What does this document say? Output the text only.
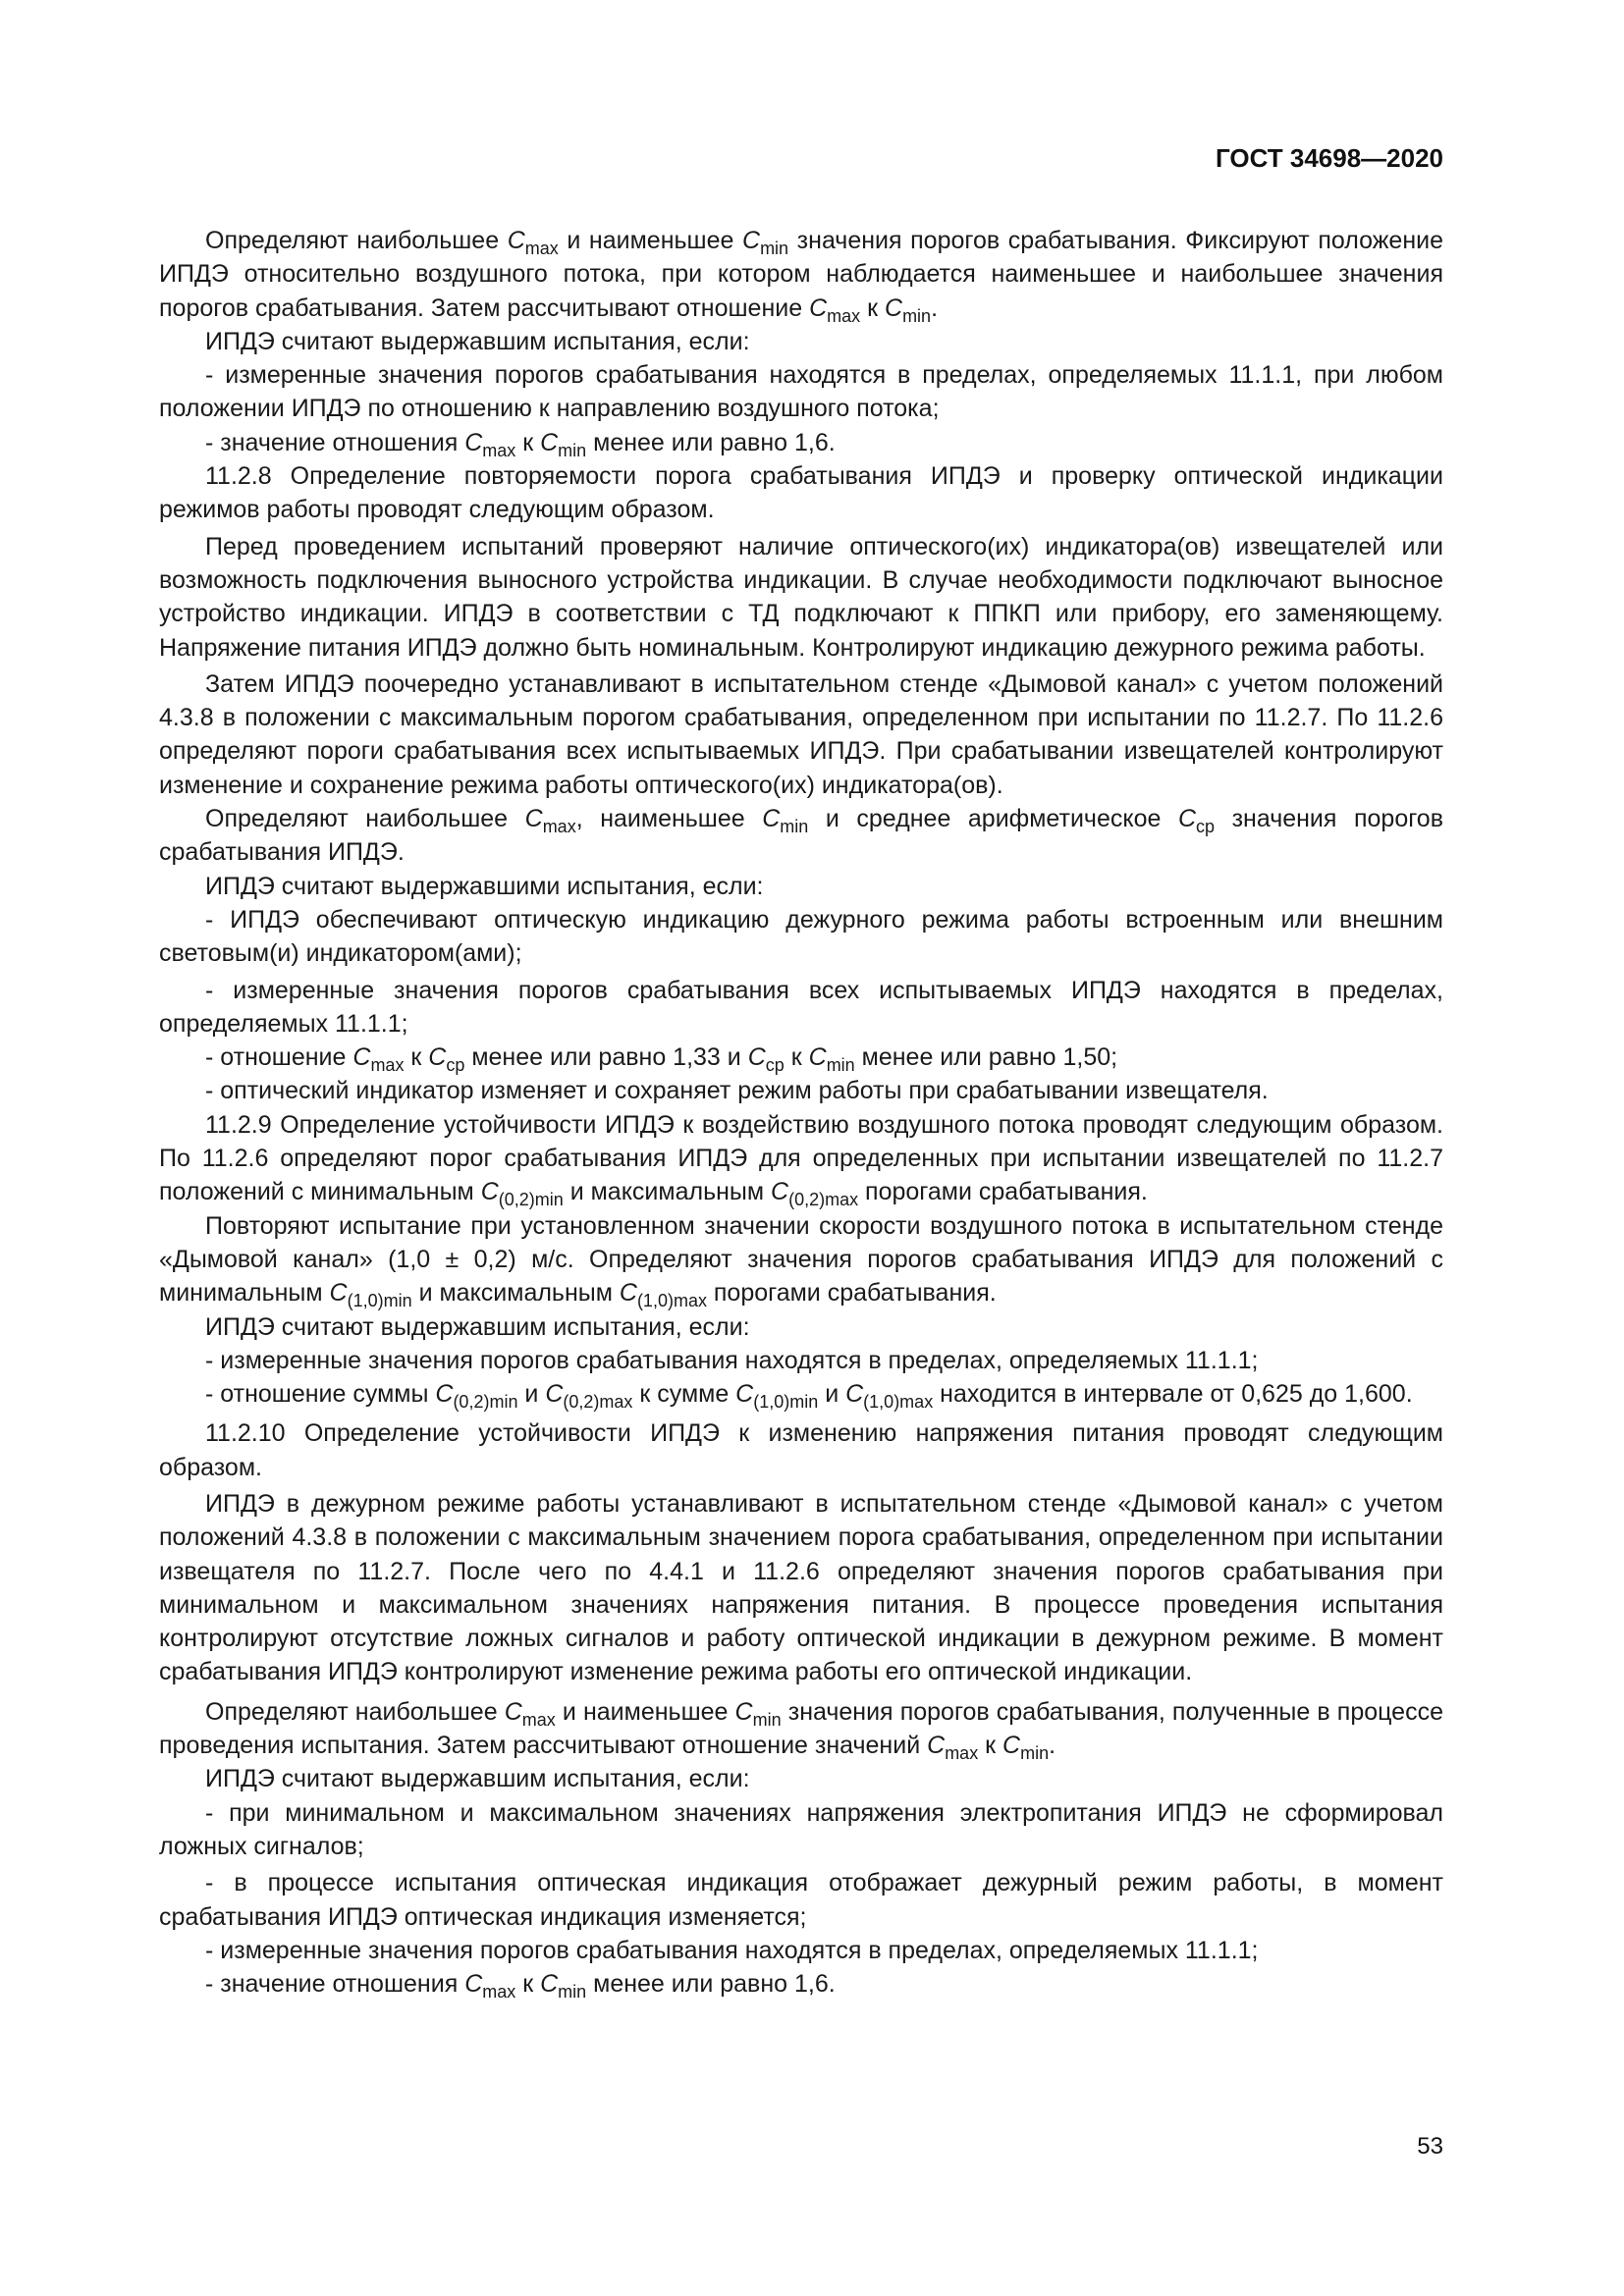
ГОСТ 34698—2020

Определяют наибольшее $C_{max}$ и наименьшее $C_{min}$ значения порогов срабатывания. Фиксируют положение ИПДЭ относительно воздушного потока, при котором наблюдается наименьшее и наибольшее значения порогов срабатывания. Затем рассчитывают отношение $C_{max}$ к $C_{min}$.

ИПДЭ считают выдержавшим испытания, если:

- измеренные значения порогов срабатывания находятся в пределах, определяемых 11.1.1, при любом положении ИПДЭ по отношению к направлению воздушного потока;

- значение отношения $C_{max}$ к $C_{min}$ менее или равно 1,6.

11.2.8 Определение повторяемости порога срабатывания ИПДЭ и проверку оптической индикации режимов работы проводят следующим образом.

Перед проведением испытаний проверяют наличие оптического(их) индикатора(ов) извещателей или возможность подключения выносного устройства индикации. В случае необходимости подключают выносное устройство индикации. ИПДЭ в соответствии с ТД подключают к ППКП или прибору, его заменяющему. Напряжение питания ИПДЭ должно быть номинальным. Контролируют индикацию дежурного режима работы.

Затем ИПДЭ поочередно устанавливают в испытательном стенде «Дымовой канал» с учетом положений 4.3.8 в положении с максимальным порогом срабатывания, определенном при испытании по 11.2.7. По 11.2.6 определяют пороги срабатывания всех испытываемых ИПДЭ. При срабатывании извещателей контролируют изменение и сохранение режима работы оптического(их) индикатора(ов).

Определяют наибольшее $C_{max}$, наименьшее $C_{min}$ и среднее арифметическое $C_{ср}$ значения порогов срабатывания ИПДЭ.

ИПДЭ считают выдержавшими испытания, если:

- ИПДЭ обеспечивают оптическую индикацию дежурного режима работы встроенным или внешним световым(и) индикатором(ами);

- измеренные значения порогов срабатывания всех испытываемых ИПДЭ находятся в пределах, определяемых 11.1.1;

- отношение $C_{max}$ к $C_{ср}$ менее или равно 1,33 и $C_{ср}$ к $C_{min}$ менее или равно 1,50;

- оптический индикатор изменяет и сохраняет режим работы при срабатывании извещателя.

11.2.9 Определение устойчивости ИПДЭ к воздействию воздушного потока проводят следующим образом. По 11.2.6 определяют порог срабатывания ИПДЭ для определенных при испытании извещателей по 11.2.7 положений с минимальным $C_{(0,2)min}$ и максимальным $C_{(0,2)max}$ порогами срабатывания.

Повторяют испытание при установленном значении скорости воздушного потока в испытательном стенде «Дымовой канал» (1,0 ± 0,2) м/с. Определяют значения порогов срабатывания ИПДЭ для положений с минимальным $C_{(1,0)min}$ и максимальным $C_{(1,0)max}$ порогами срабатывания.

ИПДЭ считают выдержавшим испытания, если:

- измеренные значения порогов срабатывания находятся в пределах, определяемых 11.1.1;

- отношение суммы $C_{(0,2)min}$ и $C_{(0,2)max}$ к сумме $C_{(1,0)min}$ и $C_{(1,0)max}$ находится в интервале от 0,625 до 1,600.

11.2.10 Определение устойчивости ИПДЭ к изменению напряжения питания проводят следующим образом.

ИПДЭ в дежурном режиме работы устанавливают в испытательном стенде «Дымовой канал» с учетом положений 4.3.8 в положении с максимальным значением порога срабатывания, определенном при испытании извещателя по 11.2.7. После чего по 4.4.1 и 11.2.6 определяют значения порогов срабатывания при минимальном и максимальном значениях напряжения питания. В процессе проведения испытания контролируют отсутствие ложных сигналов и работу оптической индикации в дежурном режиме. В момент срабатывания ИПДЭ контролируют изменение режима работы его оптической индикации.

Определяют наибольшее $C_{max}$ и наименьшее $C_{min}$ значения порогов срабатывания, полученные в процессе проведения испытания. Затем рассчитывают отношение значений $C_{max}$ к $C_{min}$.

ИПДЭ считают выдержавшим испытания, если:

- при минимальном и максимальном значениях напряжения электропитания ИПДЭ не сформировал ложных сигналов;

- в процессе испытания оптическая индикация отображает дежурный режим работы, в момент срабатывания ИПДЭ оптическая индикация изменяется;

- измеренные значения порогов срабатывания находятся в пределах, определяемых 11.1.1;

- значение отношения $C_{max}$ к $C_{min}$ менее или равно 1,6.

53
